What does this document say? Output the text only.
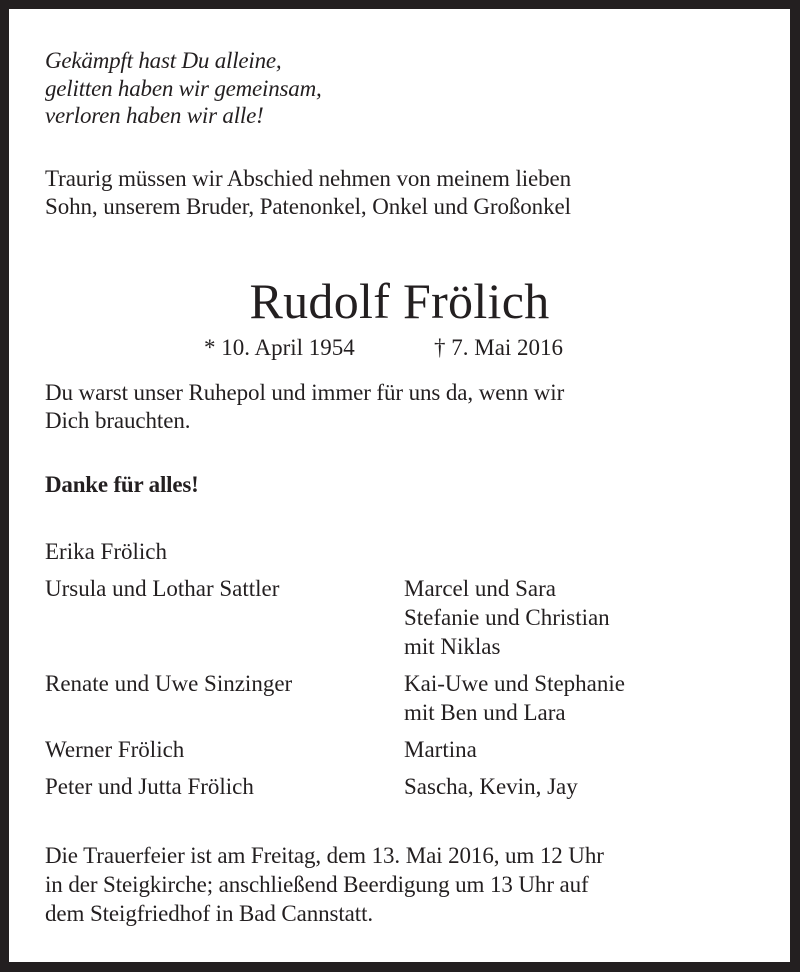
Gekämpft hast Du alleine,
gelitten haben wir gemeinsam,
verloren haben wir alle!
Traurig müssen wir Abschied nehmen von meinem lieben
Sohn, unserem Bruder, Patenonkel, Onkel und Großonkel
Rudolf Frölich
* 10. April 1954	† 7. Mai 2016
Du warst unser Ruhepol und immer für uns da, wenn wir
Dich brauchten.
Danke für alles!
Erika Frölich
Ursula und Lothar Sattler	Marcel und Sara
Stefanie und Christian
mit Niklas
Renate und Uwe Sinzinger	Kai-Uwe und Stephanie
mit Ben und Lara
Werner Frölich	Martina
Peter und Jutta Frölich	Sascha, Kevin, Jay
Die Trauerfeier ist am Freitag, dem 13. Mai 2016, um 12 Uhr
in der Steigkirche; anschließend Beerdigung um 13 Uhr auf
dem Steigfriedhof in Bad Cannstatt.
